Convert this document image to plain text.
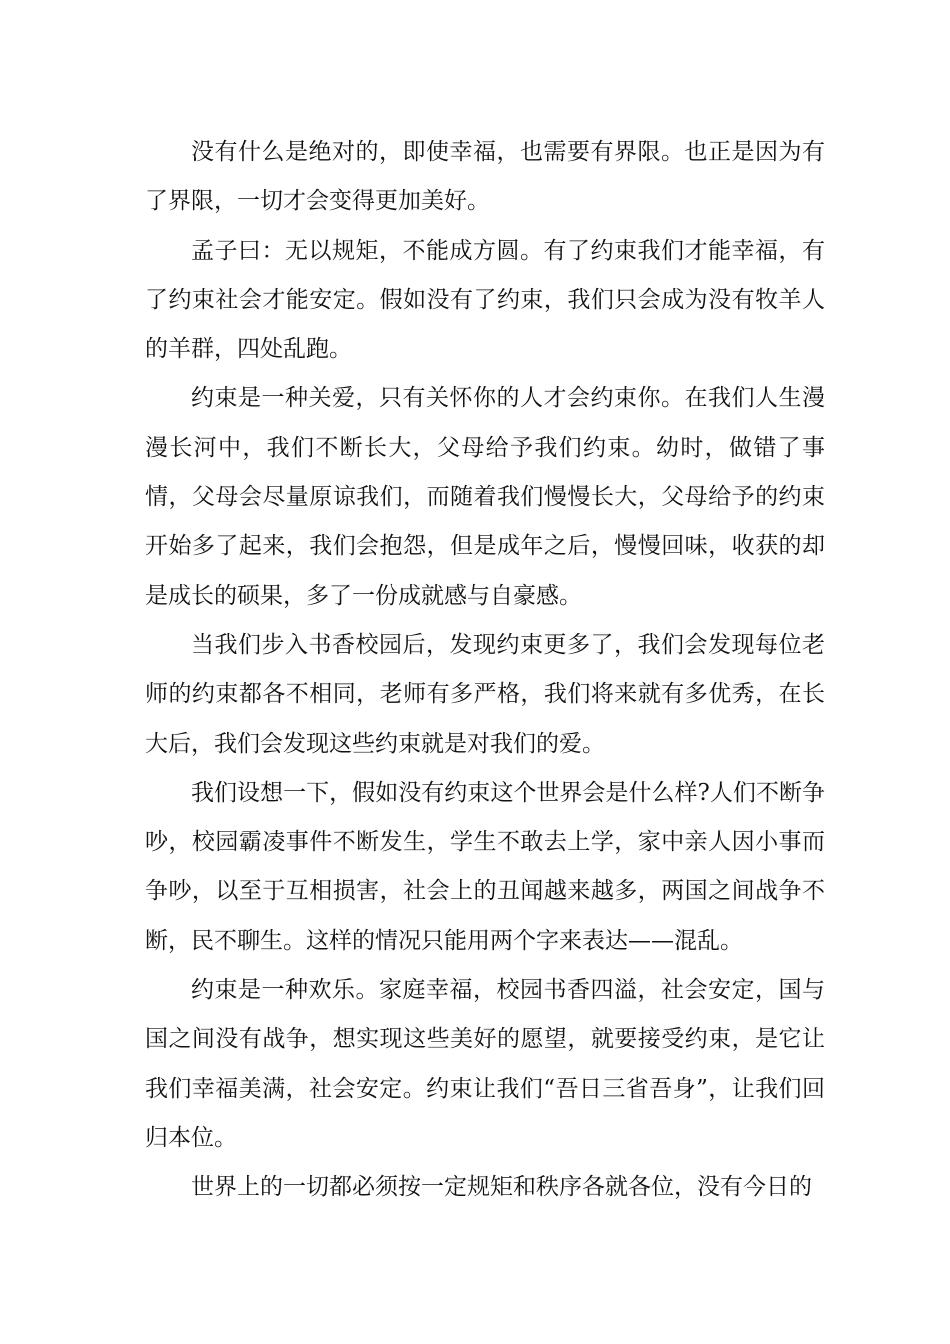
没有什么是绝对的，即使幸福，也需要有界限。也正是因为有了界限，一切才会变得更加美好。

孟子曰：无以规矩，不能成方圆。有了约束我们才能幸福，有了约束社会才能安定。假如没有了约束，我们只会成为没有牧羊人的羊群，四处乱跑。

约束是一种关爱，只有关怀你的人才会约束你。在我们人生漫漫长河中，我们不断长大，父母给予我们约束。幼时，做错了事情，父母会尽量原谅我们，而随着我们慢慢长大，父母给予的约束开始多了起来，我们会抱怨，但是成年之后，慢慢回味，收获的却是成长的硕果，多了一份成就感与自豪感。

当我们步入书香校园后，发现约束更多了，我们会发现每位老师的约束都各不相同，老师有多严格，我们将来就有多优秀，在长大后，我们会发现这些约束就是对我们的爱。

我们设想一下，假如没有约束这个世界会是什么样?人们不断争吵，校园霸凌事件不断发生，学生不敢去上学，家中亲人因小事而争吵，以至于互相损害，社会上的丑闻越来越多，两国之间战争不断，民不聊生。这样的情况只能用两个字来表达——混乱。

约束是一种欢乐。家庭幸福，校园书香四溢，社会安定，国与国之间没有战争，想实现这些美好的愿望，就要接受约束，是它让我们幸福美满，社会安定。约束让我们“吾日三省吾身”，让我们回归本位。

世界上的一切都必须按一定规矩和秩序各就各位，没有今日的
